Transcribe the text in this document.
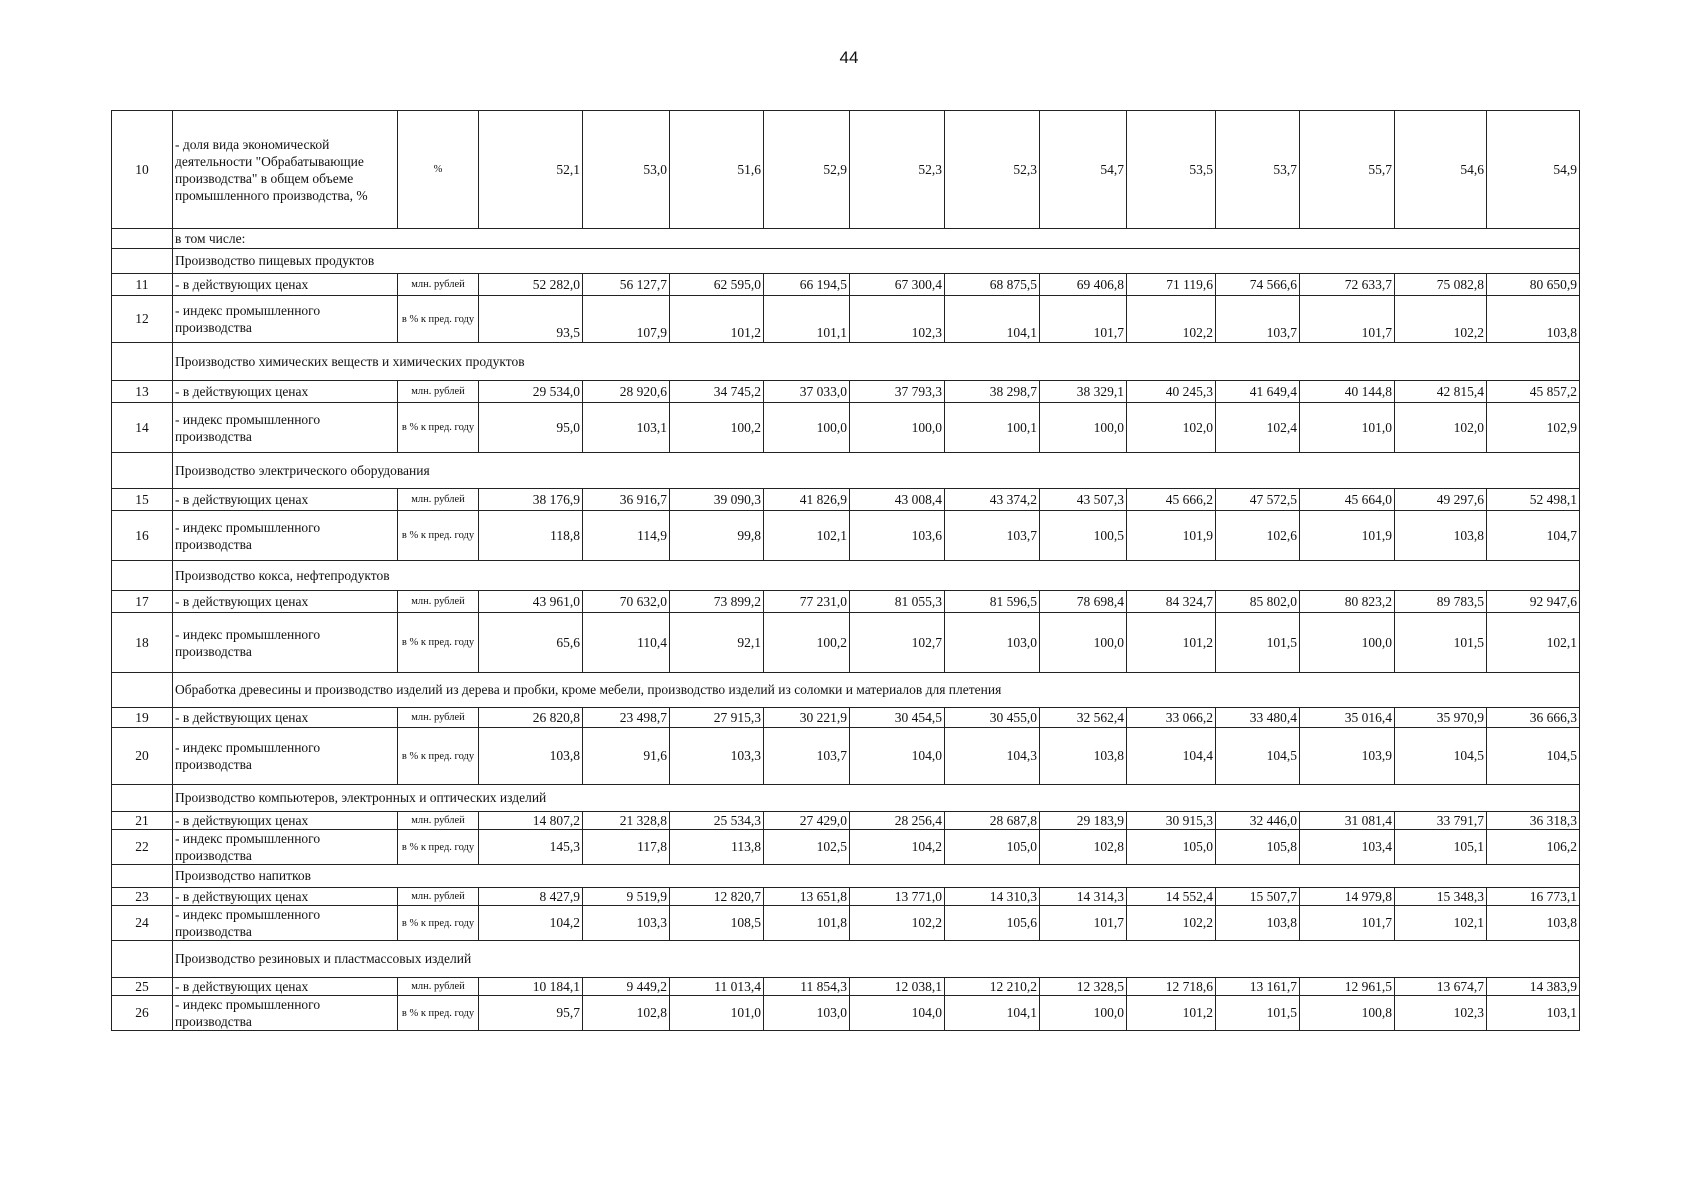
44
10	- доля вида экономической деятельности "Обрабатывающие производства" в общем объеме промышленного производства, %	%	52,1	53,0	51,6	52,9	52,3	52,3	54,7	53,5	53,7	55,7	54,6	54,9
	в том числе:													
	Производство пищевых продуктов													
11	- в действующих ценах	млн. рублей	52 282,0	56 127,7	62 595,0	66 194,5	67 300,4	68 875,5	69 406,8	71 119,6	74 566,6	72 633,7	75 082,8	80 650,9
12	- индекс промышленного производства	в % к пред. году	93,5	107,9	101,2	101,1	102,3	104,1	101,7	102,2	103,7	101,7	102,2	103,8
	Производство химических веществ и химических продуктов													
13	- в действующих ценах	млн. рублей	29 534,0	28 920,6	34 745,2	37 033,0	37 793,3	38 298,7	38 329,1	40 245,3	41 649,4	40 144,8	42 815,4	45 857,2
14	- индекс промышленного производства	в % к пред. году	95,0	103,1	100,2	100,0	100,0	100,1	100,0	102,0	102,4	101,0	102,0	102,9
	Производство электрического оборудования													
15	- в действующих ценах	млн. рублей	38 176,9	36 916,7	39 090,3	41 826,9	43 008,4	43 374,2	43 507,3	45 666,2	47 572,5	45 664,0	49 297,6	52 498,1
16	- индекс промышленного производства	в % к пред. году	118,8	114,9	99,8	102,1	103,6	103,7	100,5	101,9	102,6	101,9	103,8	104,7
	Производство кокса, нефтепродуктов													
17	- в действующих ценах	млн. рублей	43 961,0	70 632,0	73 899,2	77 231,0	81 055,3	81 596,5	78 698,4	84 324,7	85 802,0	80 823,2	89 783,5	92 947,6
18	- индекс промышленного производства	в % к пред. году	65,6	110,4	92,1	100,2	102,7	103,0	100,0	101,2	101,5	100,0	101,5	102,1
	Обработка древесины и производство изделий из дерева и пробки, кроме мебели, производство изделий из соломки и материалов для плетения													
19	- в действующих ценах	млн. рублей	26 820,8	23 498,7	27 915,3	30 221,9	30 454,5	30 455,0	32 562,4	33 066,2	33 480,4	35 016,4	35 970,9	36 666,3
20	- индекс промышленного производства	в % к пред. году	103,8	91,6	103,3	103,7	104,0	104,3	103,8	104,4	104,5	103,9	104,5	104,5
	Производство компьютеров, электронных и оптических изделий													
21	- в действующих ценах	млн. рублей	14 807,2	21 328,8	25 534,3	27 429,0	28 256,4	28 687,8	29 183,9	30 915,3	32 446,0	31 081,4	33 791,7	36 318,3
22	- индекс промышленного производства	в % к пред. году	145,3	117,8	113,8	102,5	104,2	105,0	102,8	105,0	105,8	103,4	105,1	106,2
	Производство напитков													
23	- в действующих ценах	млн. рублей	8 427,9	9 519,9	12 820,7	13 651,8	13 771,0	14 310,3	14 314,3	14 552,4	15 507,7	14 979,8	15 348,3	16 773,1
24	- индекс промышленного производства	в % к пред. году	104,2	103,3	108,5	101,8	102,2	105,6	101,7	102,2	103,8	101,7	102,1	103,8
	Производство резиновых и пластмассовых изделий													
25	- в действующих ценах	млн. рублей	10 184,1	9 449,2	11 013,4	11 854,3	12 038,1	12 210,2	12 328,5	12 718,6	13 161,7	12 961,5	13 674,7	14 383,9
26	- индекс промышленного производства	в % к пред. году	95,7	102,8	101,0	103,0	104,0	104,1	100,0	101,2	101,5	100,8	102,3	103,1
